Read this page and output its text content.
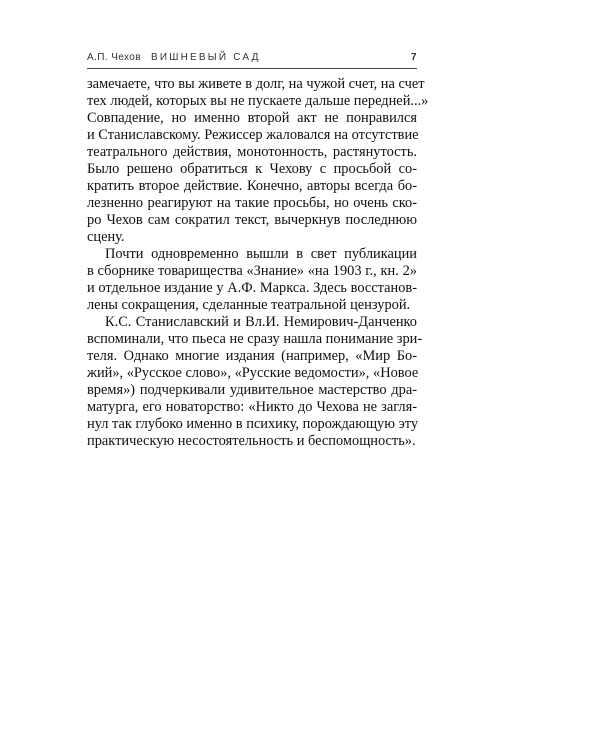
А.П. Чехов ВИШНЕВЫЙ САД	7
замечаете, что вы живете в долг, на чужой счет, на счет
тех людей, которых вы не пускаете дальше передней...»
Совпадение, но именно второй акт не понравился
и Станиславскому. Режиссер жаловался на отсутствие
театрального действия, монотонность, растянутость.
Было решено обратиться к Чехову с просьбой со-
кратить второе действие. Конечно, авторы всегда бо-
лезненно реагируют на такие просьбы, но очень ско-
ро Чехов сам сократил текст, вычеркнув последнюю
сцену.
Почти одновременно вышли в свет публикации
в сборнике товарищества «Знание» «на 1903 г., кн. 2»
и отдельное издание у А.Ф. Маркса. Здесь восстанов-
лены сокращения, сделанные театральной цензурой.
К.С. Станиславский и Вл.И. Немирович-Данченко
вспоминали, что пьеса не сразу нашла понимание зри-
теля. Однако многие издания (например, «Мир Бо-
жий», «Русское слово», «Русские ведомости», «Новое
время») подчеркивали удивительное мастерство дра-
матурга, его новаторство: «Никто до Чехова не загля-
нул так глубоко именно в психику, порождающую эту
практическую несостоятельность и беспомощность».
